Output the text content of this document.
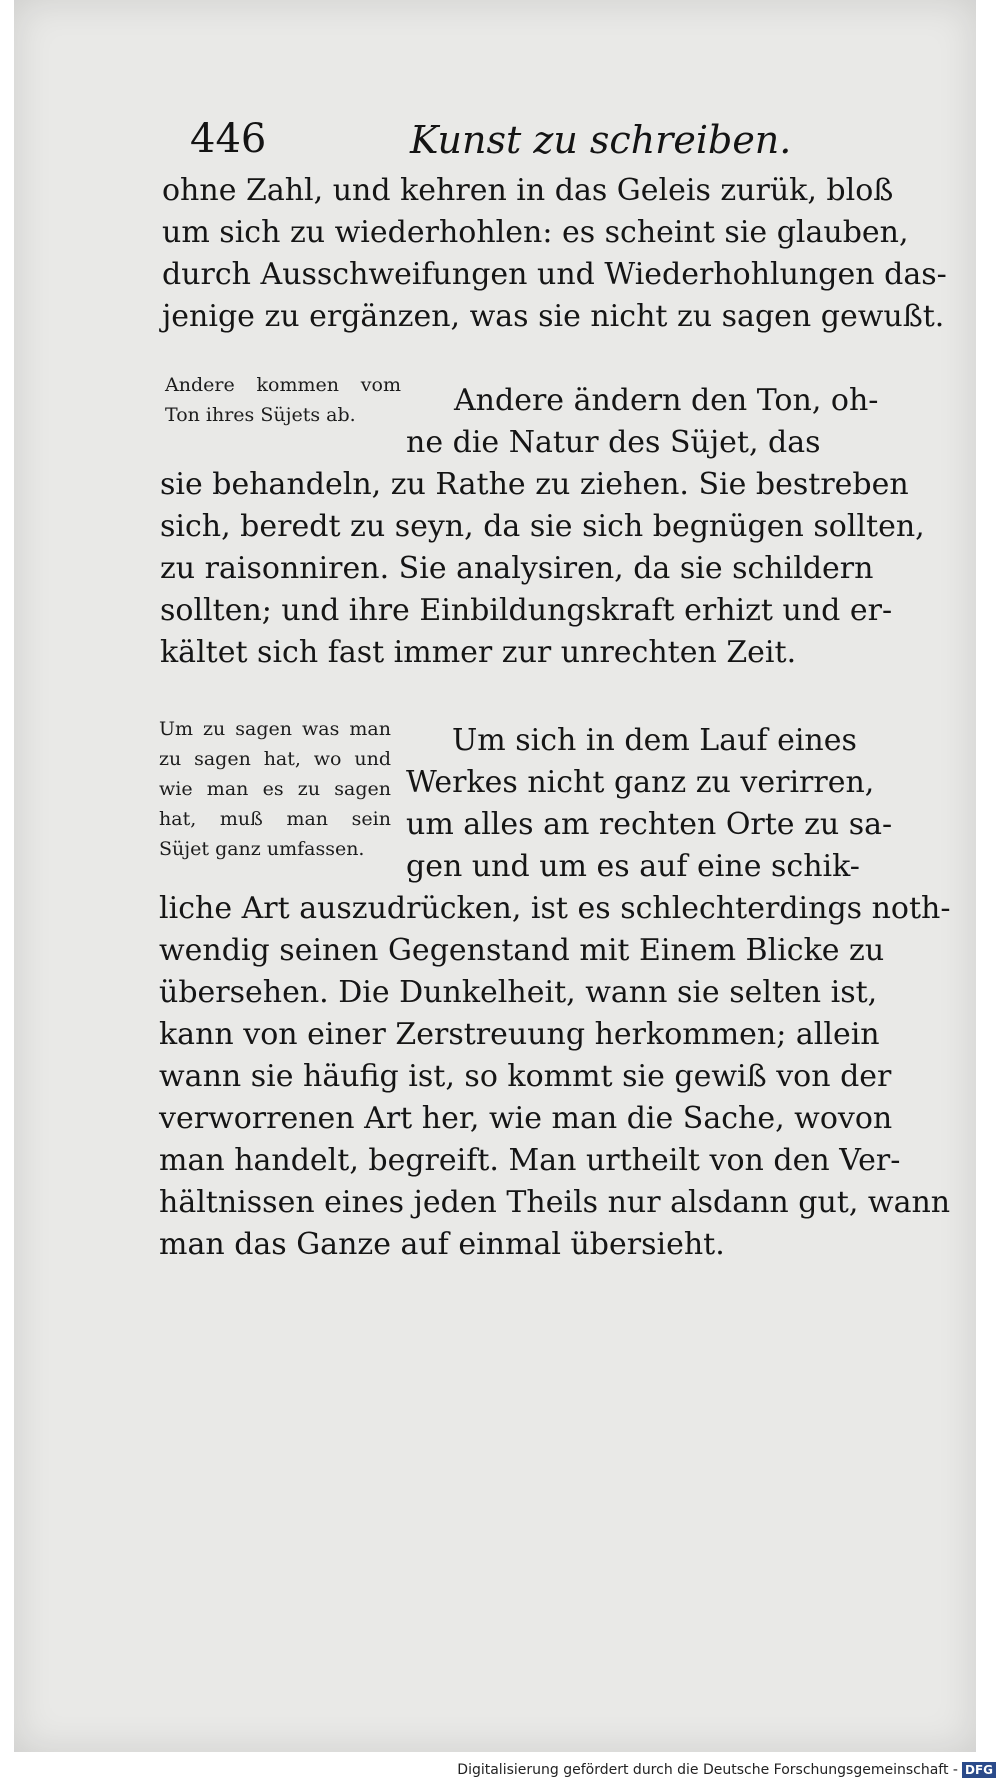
446	Kunst zu schreiben.
ohne Zahl, und kehren in das Geleis zurük, bloß
um sich zu wiederhohlen: es scheint sie glauben,
durch Ausschweifungen und Wiederhohlungen das-
jenige zu ergänzen, was sie nicht zu sagen gewußt.
Andere kommen vom
Ton ihres Süjets ab.	Andere ändern den Ton, oh-
ne die Natur des Süjet, das
sie behandeln, zu Rathe zu ziehen. Sie bestreben
sich, beredt zu seyn, da sie sich begnügen sollten,
zu raisonniren. Sie analysiren, da sie schildern
sollten; und ihre Einbildungskraft erhizt und er-
kältet sich fast immer zur unrechten Zeit.
Um zu sagen was man
zu sagen hat, wo und
wie man es zu sagen
hat, muß man sein
Süjet ganz umfassen.
Um sich in dem Lauf eines
Werkes nicht ganz zu verirren,
um alles am rechten Orte zu sa-
gen und um es auf eine schik-
liche Art auszudrücken, ist es schlechterdings noth-
wendig seinen Gegenstand mit Einem Blicke zu
übersehen. Die Dunkelheit, wann sie selten ist,
kann von einer Zerstreuung herkommen; allein
wann sie häufig ist, so kommt sie gewiß von der
verworrenen Art her, wie man die Sache, wovon
man handelt, begreift. Man urtheilt von den Ver-
hältnissen eines jeden Theils nur alsdann gut, wann
man das Ganze auf einmal übersieht.
Digitalisierung gefördert durch die Deutsche Forschungsgemeinschaft - DFG
